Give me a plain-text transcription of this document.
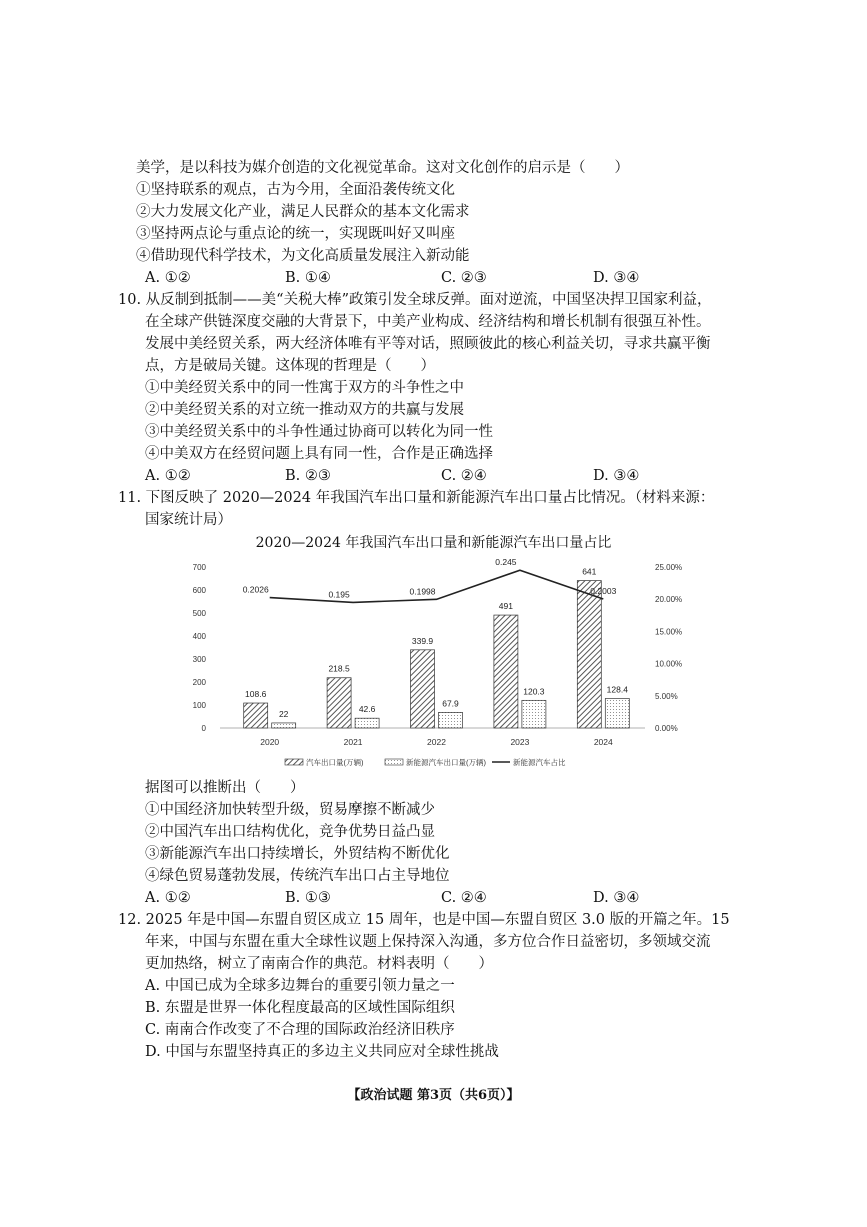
美学，是以科技为媒介创造的文化视觉革命。这对文化创作的启示是（　　）
①坚持联系的观点，古为今用，全面沿袭传统文化
②大力发展文化产业，满足人民群众的基本文化需求
③坚持两点论与重点论的统一，实现既叫好又叫座
④借助现代科学技术，为文化高质量发展注入新动能
A. ①②	B. ①④	C. ②③	D. ③④
10. 从反制到抵制——美“关税大棒”政策引发全球反弹。面对逆流，中国坚决捍卫国家利益，
在全球产供链深度交融的大背景下，中美产业构成、经济结构和增长机制有很强互补性。
发展中美经贸关系，两大经济体唯有平等对话，照顾彼此的核心利益关切，寻求共赢平衡
点，方是破局关键。这体现的哲理是（　　）
①中美经贸关系中的同一性寓于双方的斗争性之中
②中美经贸关系的对立统一推动双方的共赢与发展
③中美经贸关系中的斗争性通过协商可以转化为同一性
④中美双方在经贸问题上具有同一性，合作是正确选择
A. ①②	B. ②③	C. ②④	D. ③④
11. 下图反映了 2020—2024 年我国汽车出口量和新能源汽车出口量占比情况。（材料来源：
国家统计局）
2020—2024 年我国汽车出口量和新能源汽车出口量占比
0
100
200
300
400
500
600
700
0.00%
5.00%
10.00%
15.00%
20.00%
25.00%
108.6
22
218.5
42.6
339.9
67.9
491
120.3
641
128.4
0.2026	0.195	0.1998
0.245
0.2003
2020	2021	2022	2023	2024
汽车出口量(万辆)	新能源汽车出口量(万辆)	新能源汽车占比
据图可以推断出（　　）
①中国经济加快转型升级，贸易摩擦不断减少
②中国汽车出口结构优化，竞争优势日益凸显
③新能源汽车出口持续增长，外贸结构不断优化
④绿色贸易蓬勃发展，传统汽车出口占主导地位
A. ①②	B. ①③	C. ②④	D. ③④
12. 2025 年是中国—东盟自贸区成立 15 周年，也是中国—东盟自贸区 3.0 版的开篇之年。15
年来，中国与东盟在重大全球性议题上保持深入沟通，多方位合作日益密切，多领域交流
更加热络，树立了南南合作的典范。材料表明（　　）
A. 中国已成为全球多边舞台的重要引领力量之一
B. 东盟是世界一体化程度最高的区域性国际组织
C. 南南合作改变了不合理的国际政治经济旧秩序
D. 中国与东盟坚持真正的多边主义共同应对全球性挑战
【政治试题 第3页（共6页）】
